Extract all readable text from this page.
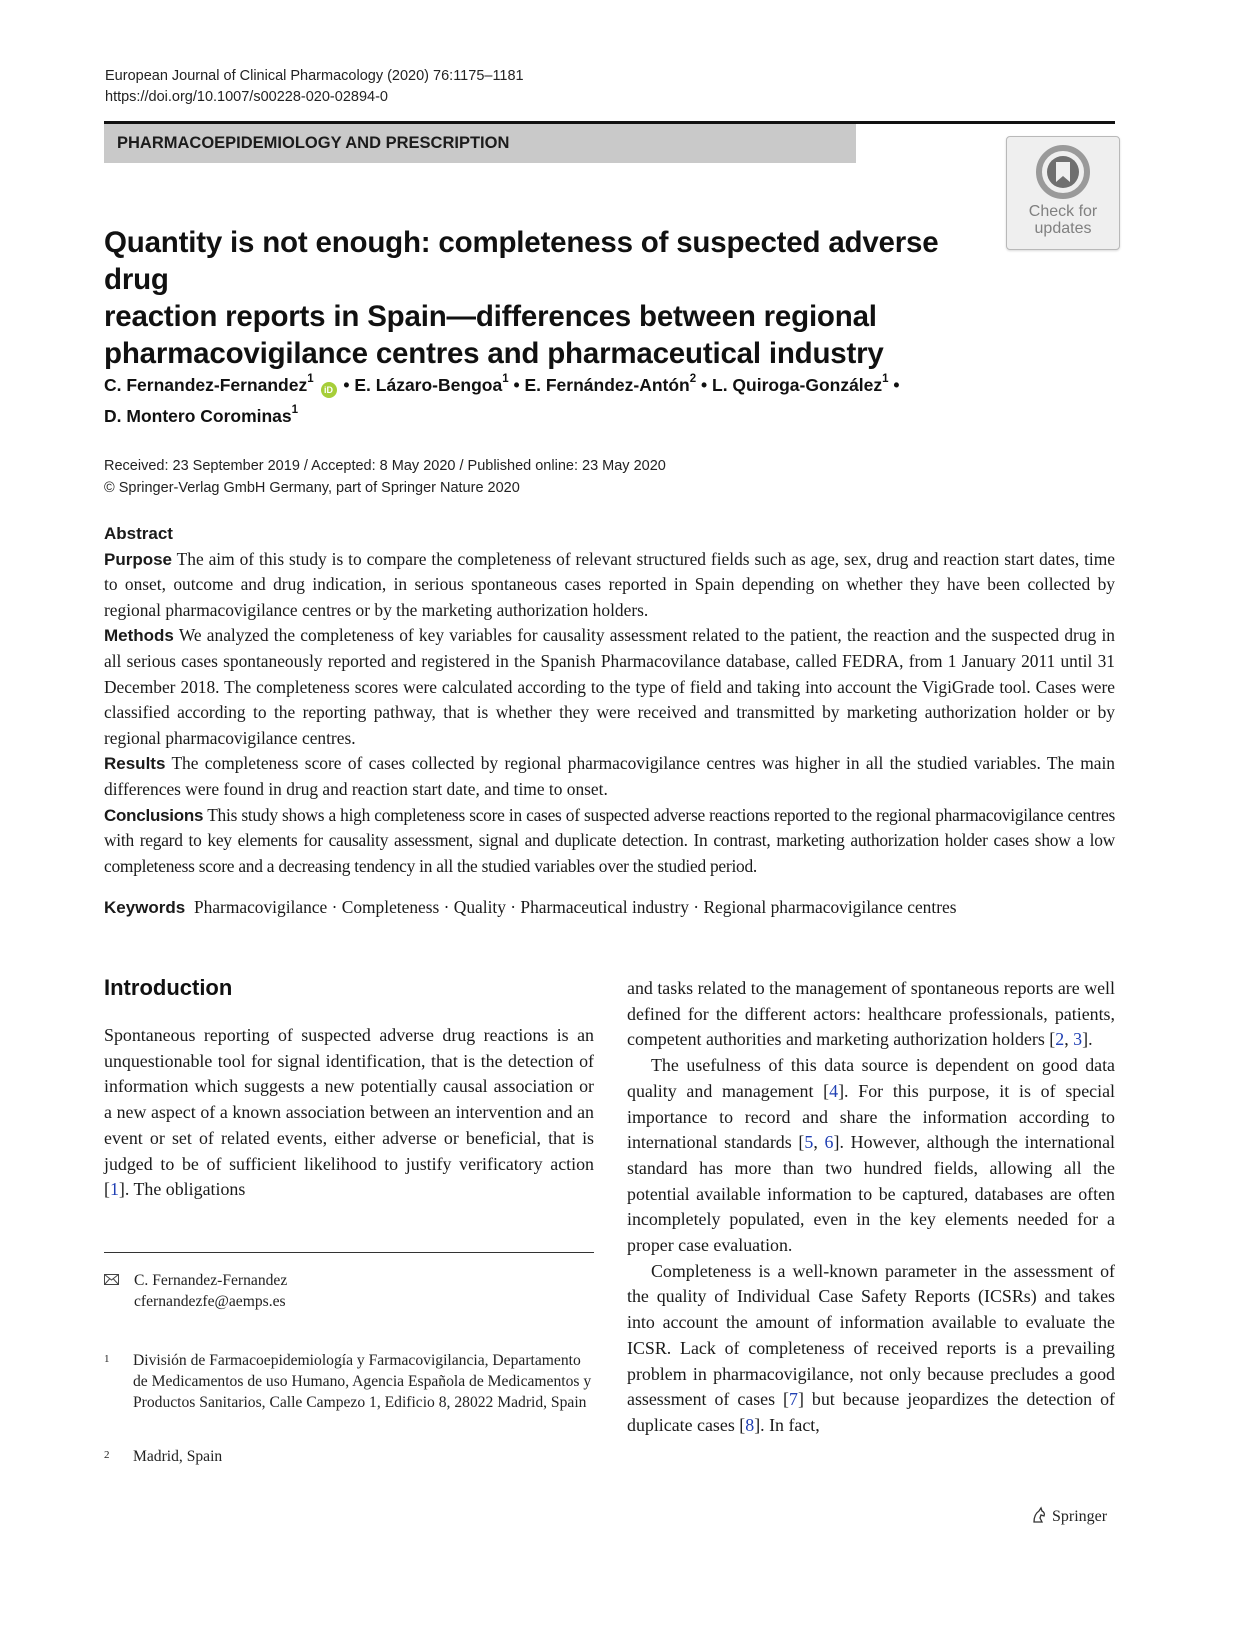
European Journal of Clinical Pharmacology (2020) 76:1175–1181
https://doi.org/10.1007/s00228-020-02894-0
PHARMACOEPIDEMIOLOGY AND PRESCRIPTION
Check for
updates
Quantity is not enough: completeness of suspected adverse drug
reaction reports in Spain—differences between regional
pharmacovigilance centres and pharmaceutical industry
C. Fernandez-Fernandez$^1$ iD • E. Lázaro-Bengoa$^1$ • E. Fernández-Antón$^2$ • L. Quiroga-González$^1$ •
D. Montero Corominas$^1$
Received: 23 September 2019 / Accepted: 8 May 2020 / Published online: 23 May 2020
© Springer-Verlag GmbH Germany, part of Springer Nature 2020
Abstract

Purpose The aim of this study is to compare the completeness of relevant structured fields such as age, sex, drug and reaction start dates, time to onset, outcome and drug indication, in serious spontaneous cases reported in Spain depending on whether they have been collected by regional pharmacovigilance centres or by the marketing authorization holders.

Methods We analyzed the completeness of key variables for causality assessment related to the patient, the reaction and the suspected drug in all serious cases spontaneously reported and registered in the Spanish Pharmacovilance database, called FEDRA, from 1 January 2011 until 31 December 2018. The completeness scores were calculated according to the type of field and taking into account the VigiGrade tool. Cases were classified according to the reporting pathway, that is whether they were received and transmitted by marketing authorization holder or by regional pharmacovigilance centres.

Results The completeness score of cases collected by regional pharmacovigilance centres was higher in all the studied variables. The main differences were found in drug and reaction start date, and time to onset.

Conclusions This study shows a high completeness score in cases of suspected adverse reactions reported to the regional pharmacovigilance centres with regard to key elements for causality assessment, signal and duplicate detection. In contrast, marketing authorization holder cases show a low completeness score and a decreasing tendency in all the studied variables over the studied period.

Keywords Pharmacovigilance · Completeness · Quality · Pharmaceutical industry · Regional pharmacovigilance centres
Introduction

Spontaneous reporting of suspected adverse drug reactions is an unquestionable tool for signal identification, that is the detection of information which suggests a new potentially causal association or a new aspect of a known association between an intervention and an event or set of related events, either adverse or beneficial, that is judged to be of sufficient likelihood to justify verificatory action [1]. The obligations

and tasks related to the management of spontaneous reports are well defined for the different actors: healthcare professionals, patients, competent authorities and marketing authorization holders [2, 3].

The usefulness of this data source is dependent on good data quality and management [4]. For this purpose, it is of special importance to record and share the information according to international standards [5, 6]. However, although the international standard has more than two hundred fields, allowing all the potential available information to be captured, databases are often incompletely populated, even in the key elements needed for a proper case evaluation.

Completeness is a well-known parameter in the assessment of the quality of Individual Case Safety Reports (ICSRs) and takes into account the amount of information available to evaluate the ICSR. Lack of completeness of received reports is a prevailing problem in pharmacovigilance, not only because precludes a good assessment of cases [7] but because jeopardizes the detection of duplicate cases [8]. In fact,

C. Fernandez-Fernandez
cfernandezfe@aemps.es
1 División de Farmacoepidemiología y Farmacovigilancia, Departamento de Medicamentos de uso Humano, Agencia Española de Medicamentos y Productos Sanitarios, Calle Campezo 1, Edificio 8, 28022 Madrid, Spain
2 Madrid, Spain
Springer
